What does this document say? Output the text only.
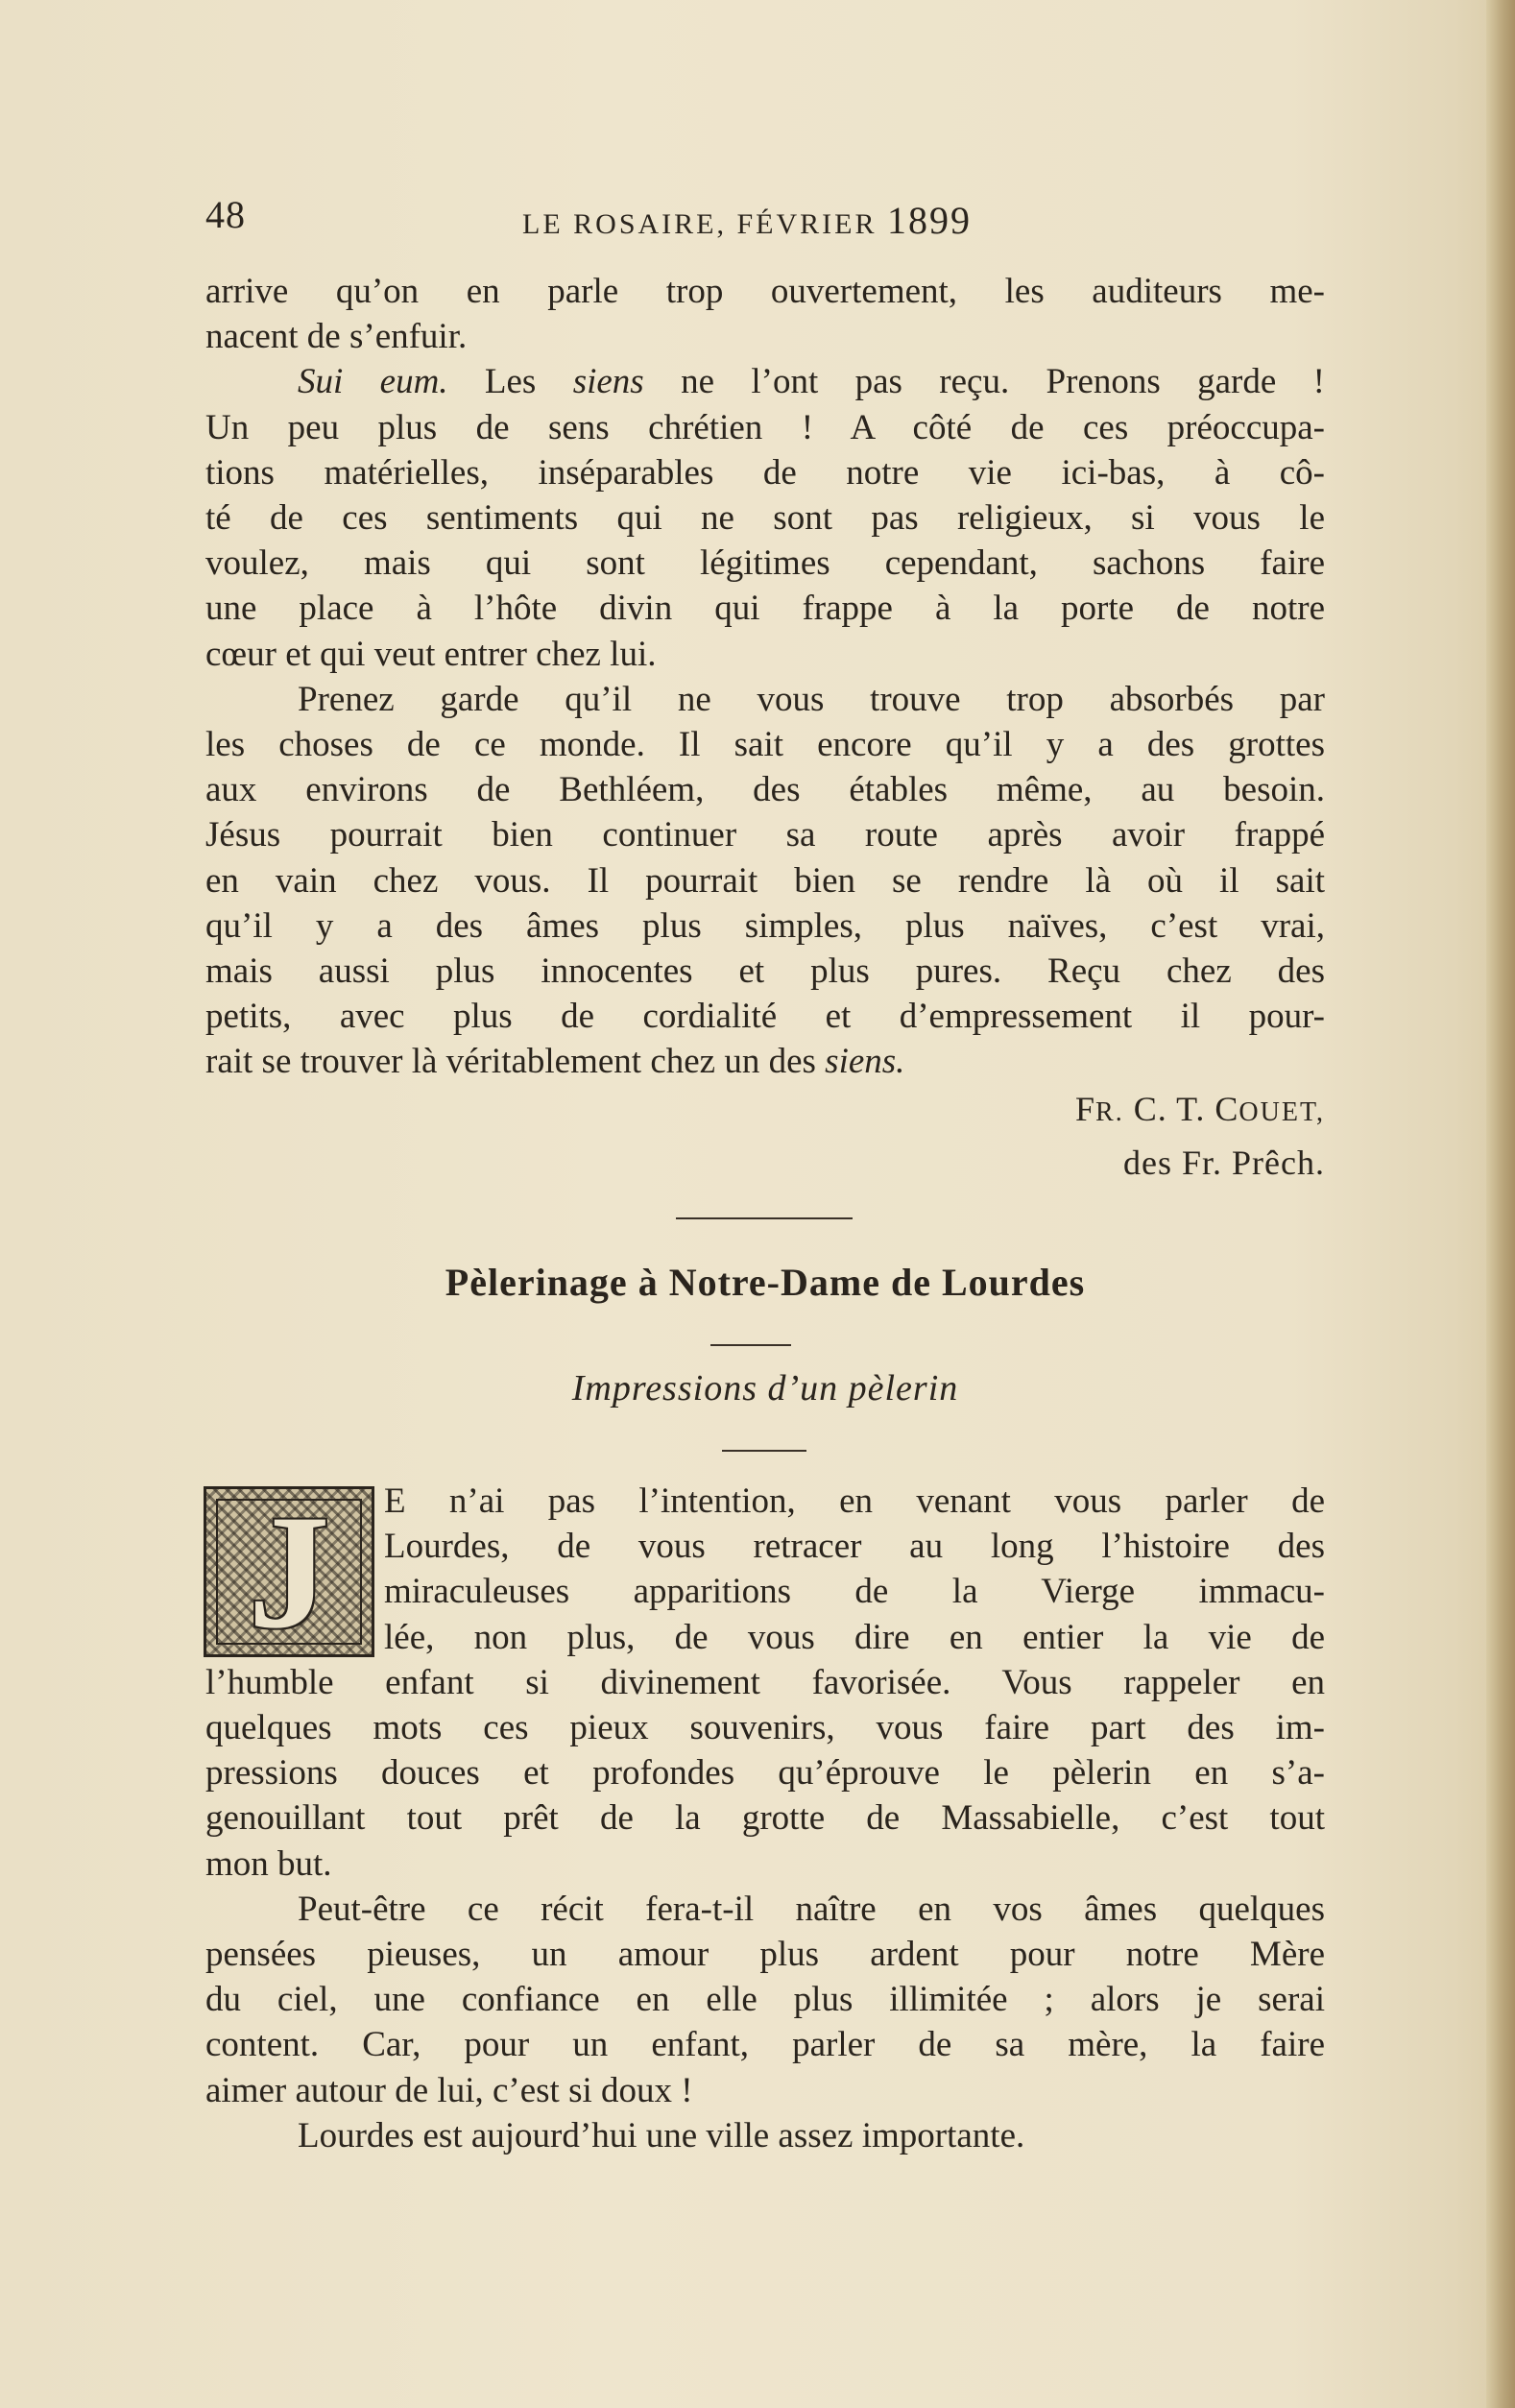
48	LE ROSAIRE, FÉVRIER 1899
arrive qu’on en parle trop ouvertement, les auditeurs me-
nacent de s’enfuir.
Sui eum. Les siens ne l’ont pas reçu. Prenons garde !
Un peu plus de sens chrétien ! A côté de ces préoccupa-
tions matérielles, inséparables de notre vie ici-bas, à cô-
té de ces sentiments qui ne sont pas religieux, si vous le
voulez, mais qui sont légitimes cependant, sachons faire
une place à l’hôte divin qui frappe à la porte de notre
cœur et qui veut entrer chez lui.
Prenez garde qu’il ne vous trouve trop absorbés par
les choses de ce monde. Il sait encore qu’il y a des grottes
aux environs de Bethléem, des étables même, au besoin.
Jésus pourrait bien continuer sa route après avoir frappé
en vain chez vous. Il pourrait bien se rendre là où il sait
qu’il y a des âmes plus simples, plus naïves, c’est vrai,
mais aussi plus innocentes et plus pures. Reçu chez des
petits, avec plus de cordialité et d’empressement il pour-
rait se trouver là véritablement chez un des siens.
FR. C. T. COUET,
des Fr. Prêch.
Pèlerinage à Notre-Dame de Lourdes
Impressions d’un pèlerin
J	E n’ai pas l’intention, en venant vous parler de
Lourdes, de vous retracer au long l’histoire des
miraculeuses apparitions de la Vierge immacu-
lée, non plus, de vous dire en entier la vie de
l’humble enfant si divinement favorisée. Vous rappeler en
quelques mots ces pieux souvenirs, vous faire part des im-
pressions douces et profondes qu’éprouve le pèlerin en s’a-
genouillant tout prêt de la grotte de Massabielle, c’est tout
mon but.
Peut-être ce récit fera-t-il naître en vos âmes quelques
pensées pieuses, un amour plus ardent pour notre Mère
du ciel, une confiance en elle plus illimitée ; alors je serai
content. Car, pour un enfant, parler de sa mère, la faire
aimer autour de lui, c’est si doux !
Lourdes est aujourd’hui une ville assez importante.
